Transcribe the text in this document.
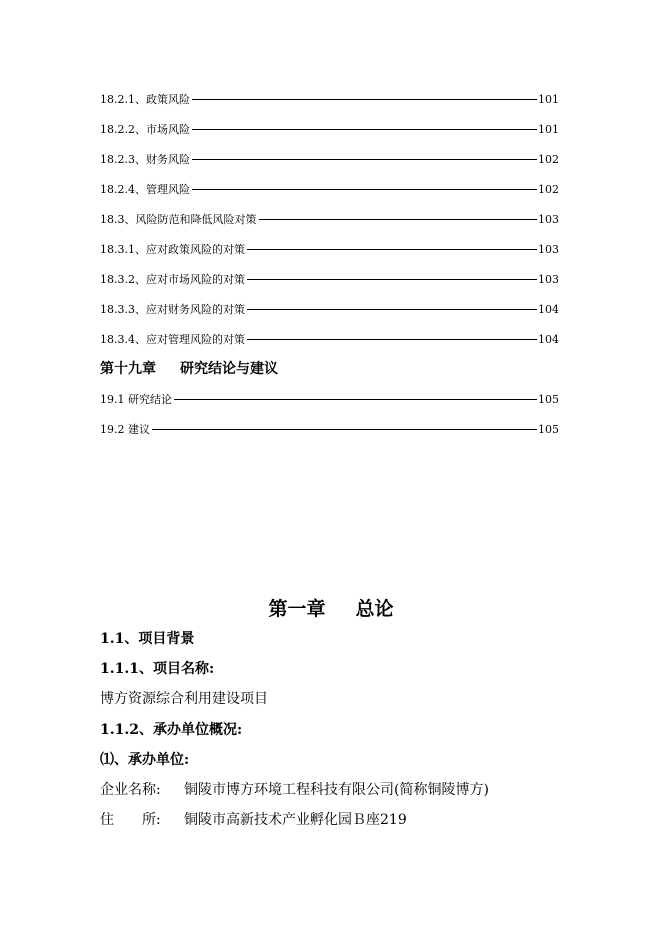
18.2.1、政策风险	101
18.2.2、市场风险	101
18.2.3、财务风险	102
18.2.4、管理风险	102
18.3、风险防范和降低风险对策	103
18.3.1、应对政策风险的对策	103
18.3.2、应对市场风险的对策	103
18.3.3、应对财务风险的对策	104
18.3.4、应对管理风险的对策	104
第十九章 研究结论与建议
19.1 研究结论	105
19.2 建议	105
第一章 总论
1.1、项目背景
1.1.1、项目名称:
博方资源综合利用建设项目
1.1.2、承办单位概况:
⑴、承办单位:
企业名称: 铜陵市博方环境工程科技有限公司(简称铜陵博方)
住　　所: 铜陵市高新技术产业孵化园Ｂ座219
